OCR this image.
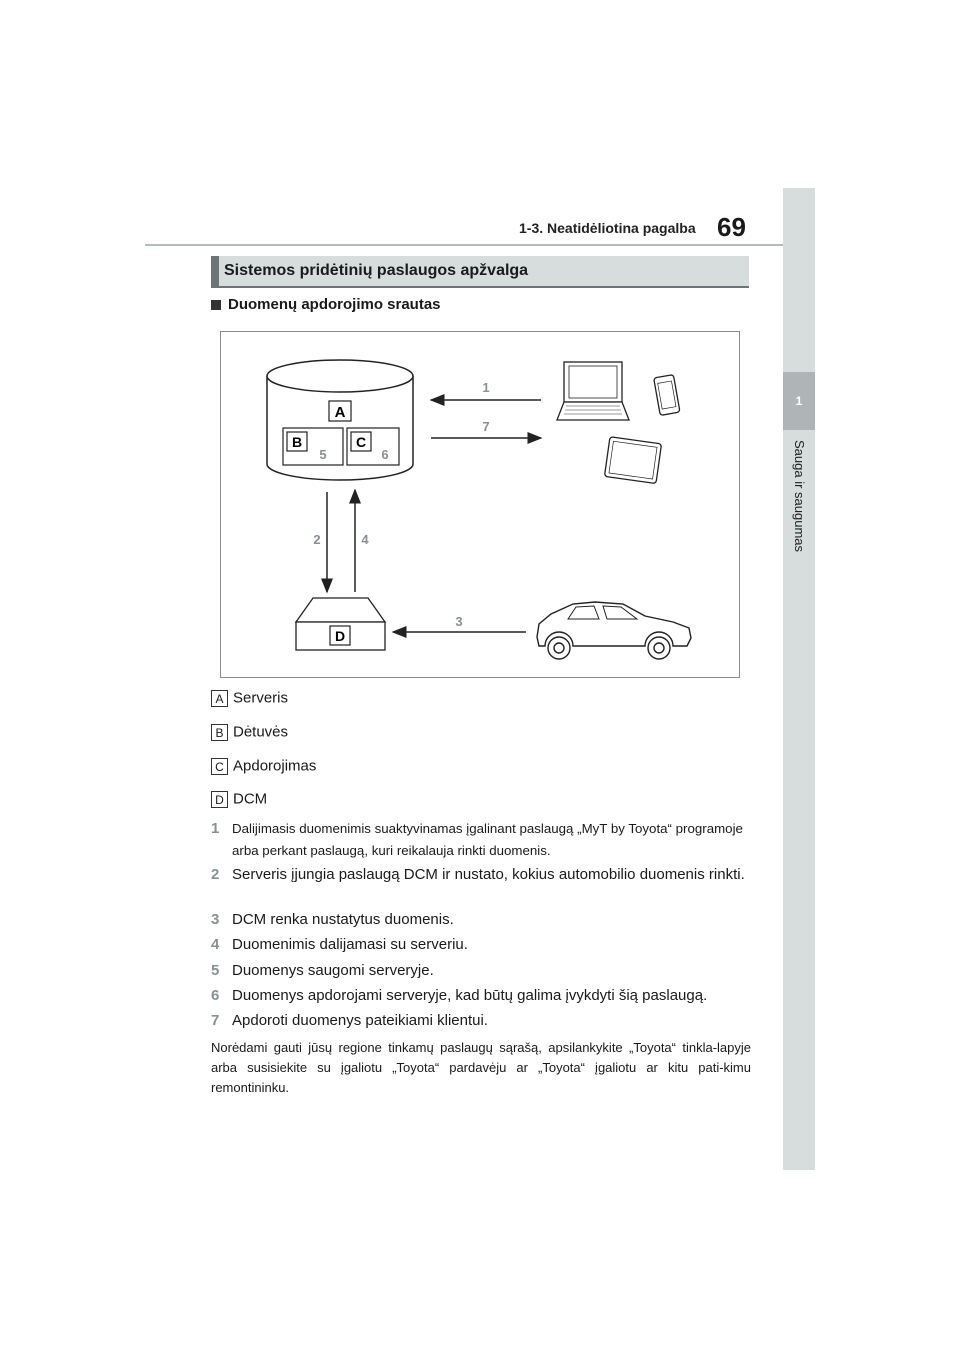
1-3. Neatidėliotina pagalba 69
1
Sauga ir saugumas
Sistemos pridėtinių paslaugos apžvalga
Duomenų apdorojimo srautas
A
B
5
C
6
1
7
2	4
D
3
A Serveris
B Dėtuvės
C Apdorojimas
D DCM
1 Dalijimasis duomenimis suaktyvinamas įgalinant paslaugą „MyT by Toyota“ programoje arba perkant paslaugą, kuri reikalauja rinkti duomenis.
2 Serveris įjungia paslaugą DCM ir nustato, kokius automobilio duomenis rinkti.
3 DCM renka nustatytus duomenis.
4 Duomenimis dalijamasi su serveriu.
5 Duomenys saugomi serveryje.
6 Duomenys apdorojami serveryje, kad būtų galima įvykdyti šią paslaugą.
7 Apdoroti duomenys pateikiami klientui.
Norėdami gauti jūsų regione tinkamų paslaugų sąrašą, apsilankykite „Toyota“ tinkla-lapyje arba susisiekite su įgaliotu „Toyota“ pardavėju ar „Toyota“ įgaliotu ar kitu pati-kimu remontininku.
